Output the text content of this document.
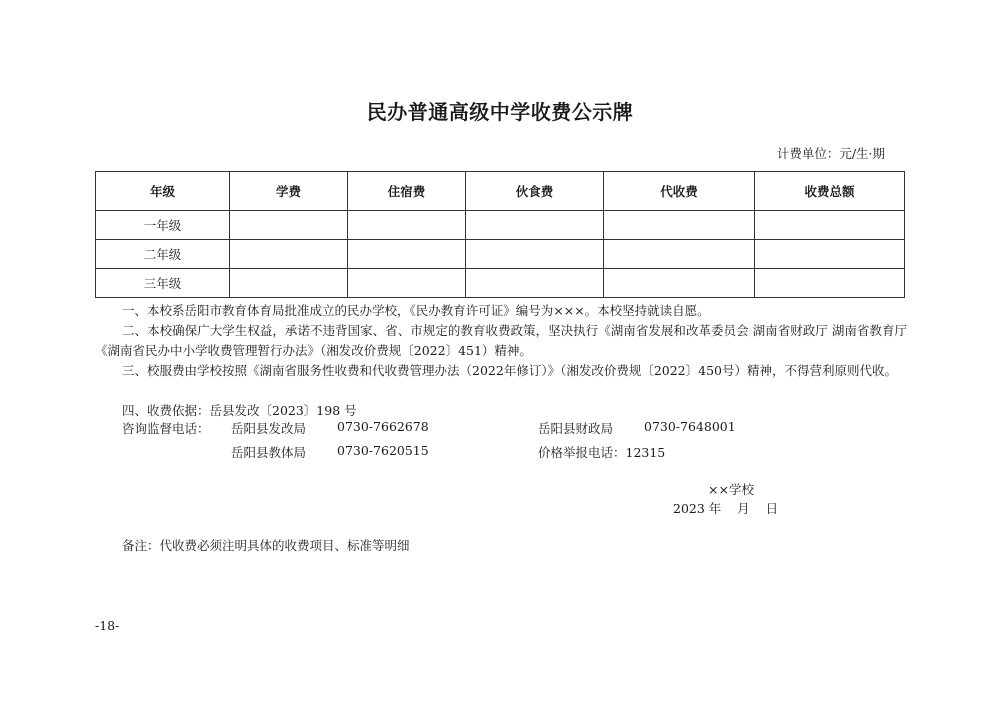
民办普通高级中学收费公示牌
计费单位：元/生·期
年级	学费	住宿费	伙食费	代收费	收费总额
一年级					
二年级					
三年级					
一、本校系岳阳市教育体育局批准成立的民办学校，《民办教育许可证》编号为×××。本校坚持就读自愿。
二、本校确保广大学生权益，承诺不违背国家、省、市规定的教育收费政策，坚决执行《湖南省发展和改革委员会 湖南省财政厅 湖南省教育厅《湖南省民办中小学收费管理暂行办法》（湘发改价费规〔2022〕451）精神。
三、校服费由学校按照《湖南省服务性收费和代收费管理办法（2022年修订）》（湘发改价费规〔2022〕450号）精神，不得营利原则代收。
四、收费依据：岳县发改〔2023〕198 号
咨询监督电话： 岳阳县发改局 0730-7662678	岳阳县财政局 0730-7648001
岳阳县教体局 0730-7620515	价格举报电话：12315
××学校
2023 年    月    日
备注：代收费必须注明具体的收费项目、标准等明细
-18-
